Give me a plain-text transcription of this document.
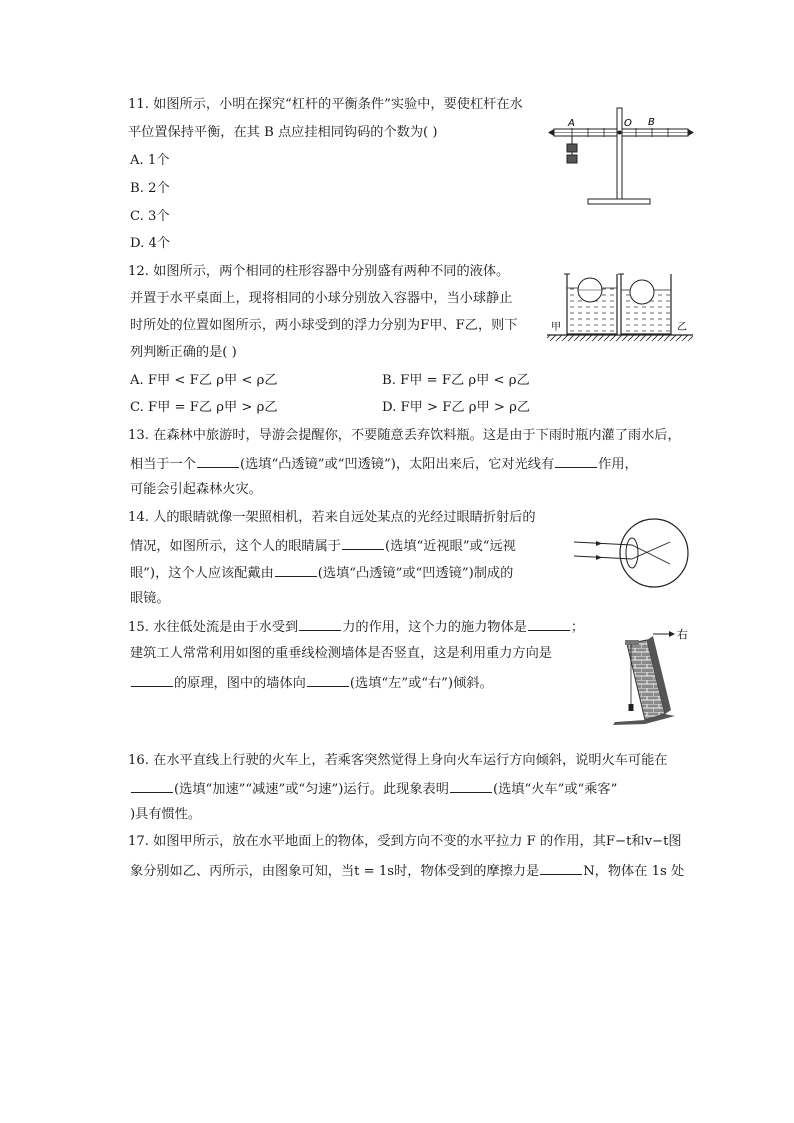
11. 如图所示，小明在探究“杠杆的平衡条件”实验中，要使杠杆在水
平位置保持平衡，在其 B 点应挂相同钩码的个数为( )
A. 1个
B. 2个
C. 3个
D. 4个
A	O B
12. 如图所示，两个相同的柱形容器中分别盛有两种不同的液体。
并置于水平桌面上，现将相同的小球分别放入容器中，当小球静止
时所处的位置如图所示，两小球受到的浮力分别为F甲、F乙，则下
列判断正确的是( )
A. F甲 < F乙 ρ甲 < ρ乙	B. F甲 = F乙 ρ甲 < ρ乙
C. F甲 = F乙 ρ甲 > ρ乙	D. F甲 > F乙 ρ甲 > ρ乙
甲	乙
13. 在森林中旅游时，导游会提醒你，不要随意丢弃饮料瓶。这是由于下雨时瓶内灌了雨水后，
相当于一个	(选填“凸透镜”或“凹透镜”)，太阳出来后，它对光线有	作用，
可能会引起森林火灾。
14. 人的眼睛就像一架照相机，若来自远处某点的光经过眼睛折射后的
情况，如图所示，这个人的眼睛属于	(选填“近视眼”或“远视
眼”)，这个人应该配戴由	(选填“凸透镜”或“凹透镜”)制成的
眼镜。
15. 水往低处流是由于水受到	力的作用，这个力的施力物体是	；
建筑工人常常利用如图的重垂线检测墙体是否竖直，这是利用重力方向是
的原理，图中的墙体向	(选填“左”或“右”)倾斜。
右
16. 在水平直线上行驶的火车上，若乘客突然觉得上身向火车运行方向倾斜，说明火车可能在
(选填“加速”“减速”或“匀速”)运行。此现象表明	(选填“火车”或“乘客”
)具有惯性。
17. 如图甲所示，放在水平地面上的物体，受到方向不变的水平拉力 F 的作用，其F−t和v−t图
象分别如乙、丙所示，由图象可知，当t = 1s时，物体受到的摩擦力是	N，物体在 1s 处
